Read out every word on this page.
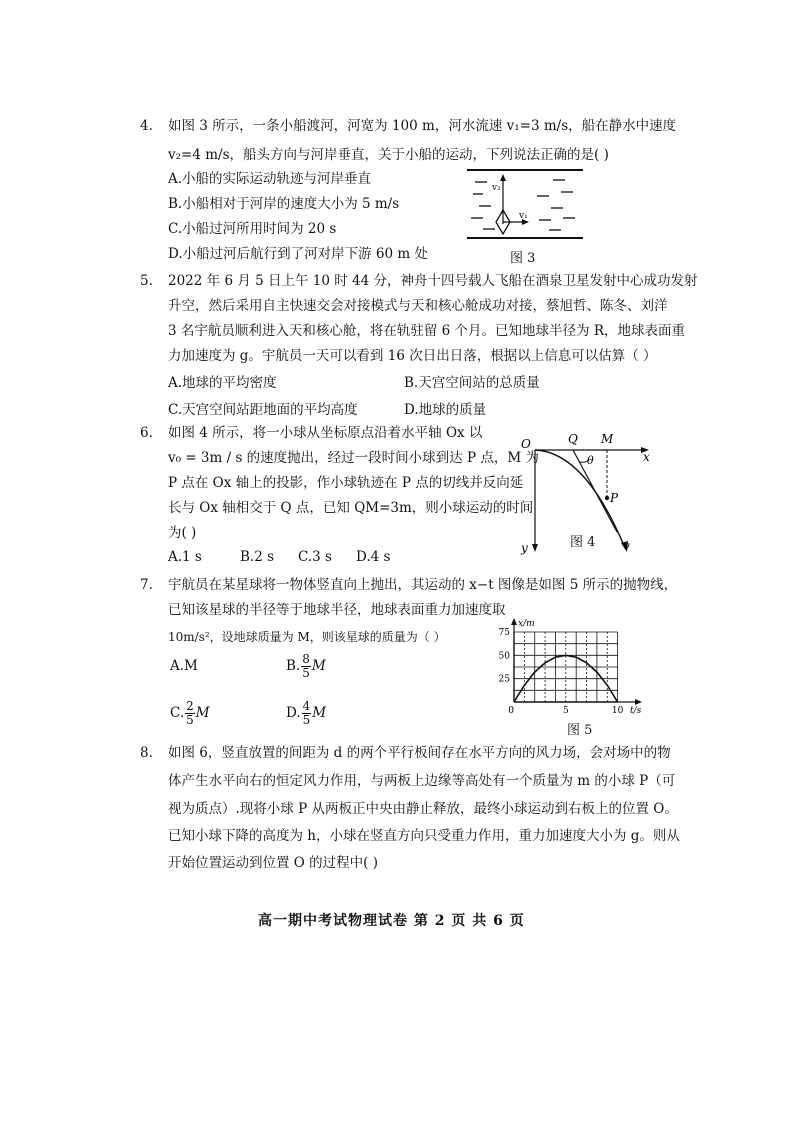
4. 如图 3 所示，一条小船渡河，河宽为 100 m，河水流速 v₁=3 m/s，船在静水中速度
v₂=4 m/s，船头方向与河岸垂直，关于小船的运动，下列说法正确的是( )
A.小船的实际运动轨迹与河岸垂直
B.小船相对于河岸的速度大小为 5 m/s
C.小船过河所用时间为 20 s
D.小船过河后航行到了河对岸下游 60 m 处
v₂
v₁
图 3
5. 2022 年 6 月 5 日上午 10 时 44 分，神舟十四号载人飞船在酒泉卫星发射中心成功发射
升空，然后采用自主快速交会对接模式与天和核心舱成功对接，蔡旭哲、陈冬、刘洋
3 名宇航员顺利进入天和核心舱，将在轨驻留 6 个月。已知地球半径为 R，地球表面重
力加速度为 g。宇航员一天可以看到 16 次日出日落，根据以上信息可以估算（ ）
A.地球的平均密度	B.天宫空间站的总质量
C.天宫空间站距地面的平均高度	D.地球的质量
6. 如图 4 所示，将一小球从坐标原点沿着水平轴 Ox 以
v₀ = 3m / s 的速度抛出，经过一段时间小球到达 P 点，M 为
P 点在 Ox 轴上的投影，作小球轨迹在 P 点的切线并反向延
长与 Ox 轴相交于 Q 点，已知 QM=3m，则小球运动的时间
为( )
A.1 s	B.2 s C.3 s D.4 s
O	Q M
x
θ
P
y	v
图 4
7. 宇航员在某星球将一物体竖直向上抛出，其运动的 x−t 图像是如图 5 所示的抛物线，
已知该星球的半径等于地球半径，地球表面重力加速度取
10m/s²，设地球质量为 M，则该星球的质量为（ ）
A.M	B. $\frac{8}{5}$ M
C. $\frac{2}{5}$ M	D. $\frac{4}{5}$ M
25
50
75
0	5	10
x/m
t/s
图 5
8. 如图 6，竖直放置的间距为 d 的两个平行板间存在水平方向的风力场，会对场中的物
体产生水平向右的恒定风力作用，与两板上边缘等高处有一个质量为 m 的小球 P（可
视为质点）.现将小球 P 从两板正中央由静止释放，最终小球运动到右板上的位置 O。
已知小球下降的高度为 h，小球在竖直方向只受重力作用，重力加速度大小为 g。则从
开始位置运动到位置 O 的过程中( )
高一期中考试物理试卷 第 2 页 共 6 页
